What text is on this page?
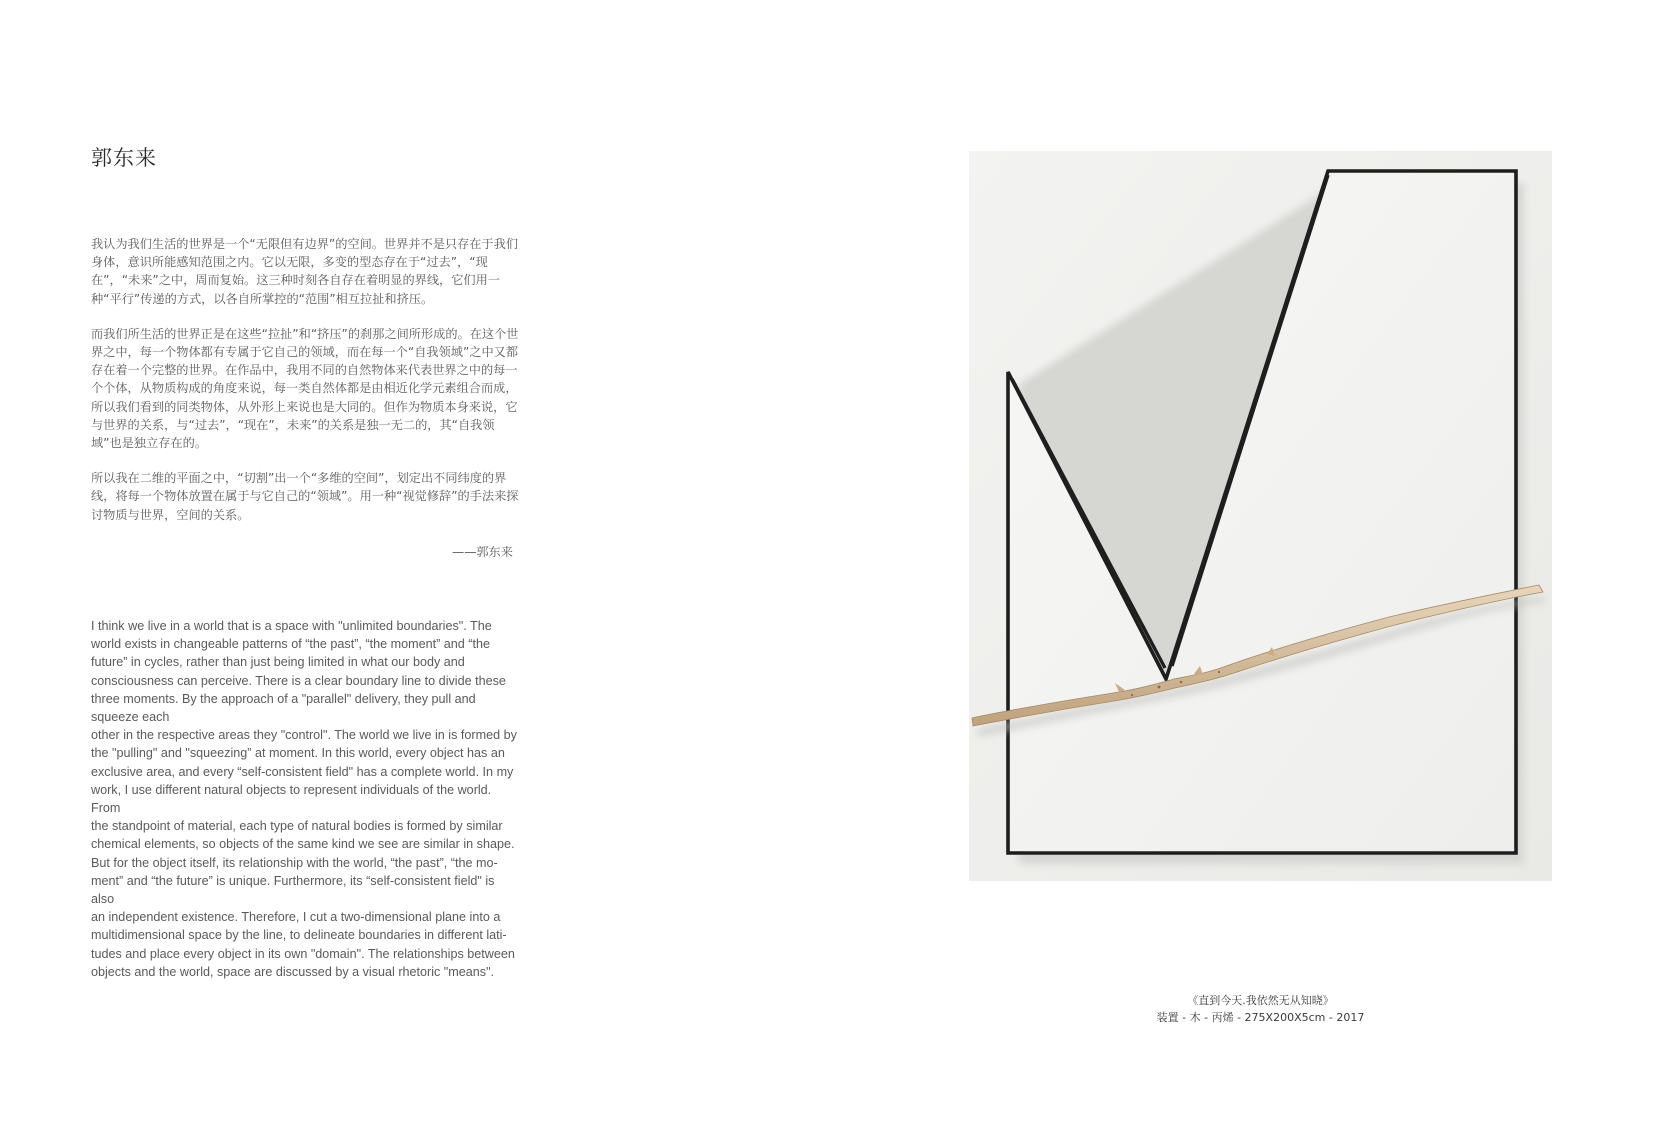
郭东来

我认为我们生活的世界是一个“无限但有边界”的空间。世界并不是只存在于我们身体，意识所能感知范围之内。它以无限，多变的型态存在于“过去”，“现在”，“未来”之中，周而复始。这三种时刻各自存在着明显的界线，它们用一种“平行”传递的方式，以各自所掌控的“范围”相互拉扯和挤压。

而我们所生活的世界正是在这些“拉扯”和“挤压”的刹那之间所形成的。在这个世界之中，每一个物体都有专属于它自己的领域，而在每一个“自我领域”之中又都存在着一个完整的世界。在作品中，我用不同的自然物体来代表世界之中的每一个个体，从物质构成的角度来说，每一类自然体都是由相近化学元素组合而成，所以我们看到的同类物体，从外形上来说也是大同的。但作为物质本身来说，它与世界的关系，与“过去”，“现在”，未来”的关系是独一无二的，其“自我领域”也是独立存在的。

所以我在二维的平面之中，“切割”出一个“多维的空间”，划定出不同纬度的界线，将每一个物体放置在属于与它自己的“领域”。用一种“视觉修辞”的手法来探讨物质与世界，空间的关系。

——郭东来

I think we live in a world that is a space with "unlimited boundaries". The

world exists in changeable patterns of “the past”, “the moment” and “the

future” in cycles, rather than just being limited in what our body and

consciousness can perceive. There is a clear boundary line to divide these

three moments. By the approach of a "parallel" delivery, they pull and

squeeze each

other in the respective areas they "control". The world we live in is formed by

the "pulling" and "squeezing” at moment. In this world, every object has an

exclusive area, and every “self-consistent field" has a complete world. In my

work, I use different natural objects to represent individuals of the world. From

the standpoint of material, each type of natural bodies is formed by similar

chemical elements, so objects of the same kind we see are similar in shape.

But for the object itself, its relationship with the world, “the past”, “the mo-

ment” and “the future” is unique. Furthermore, its “self-consistent field" is

also

an independent existence. Therefore, I cut a two-dimensional plane into a

multidimensional space by the line, to delineate boundaries in different lati-

tudes and place every object in its own "domain". The relationships between

objects and the world, space are discussed by a visual rhetoric "means".

《直到今天.我依然无从知晓》
装置 - 木 - 丙烯 - 275X200X5cm - 2017
